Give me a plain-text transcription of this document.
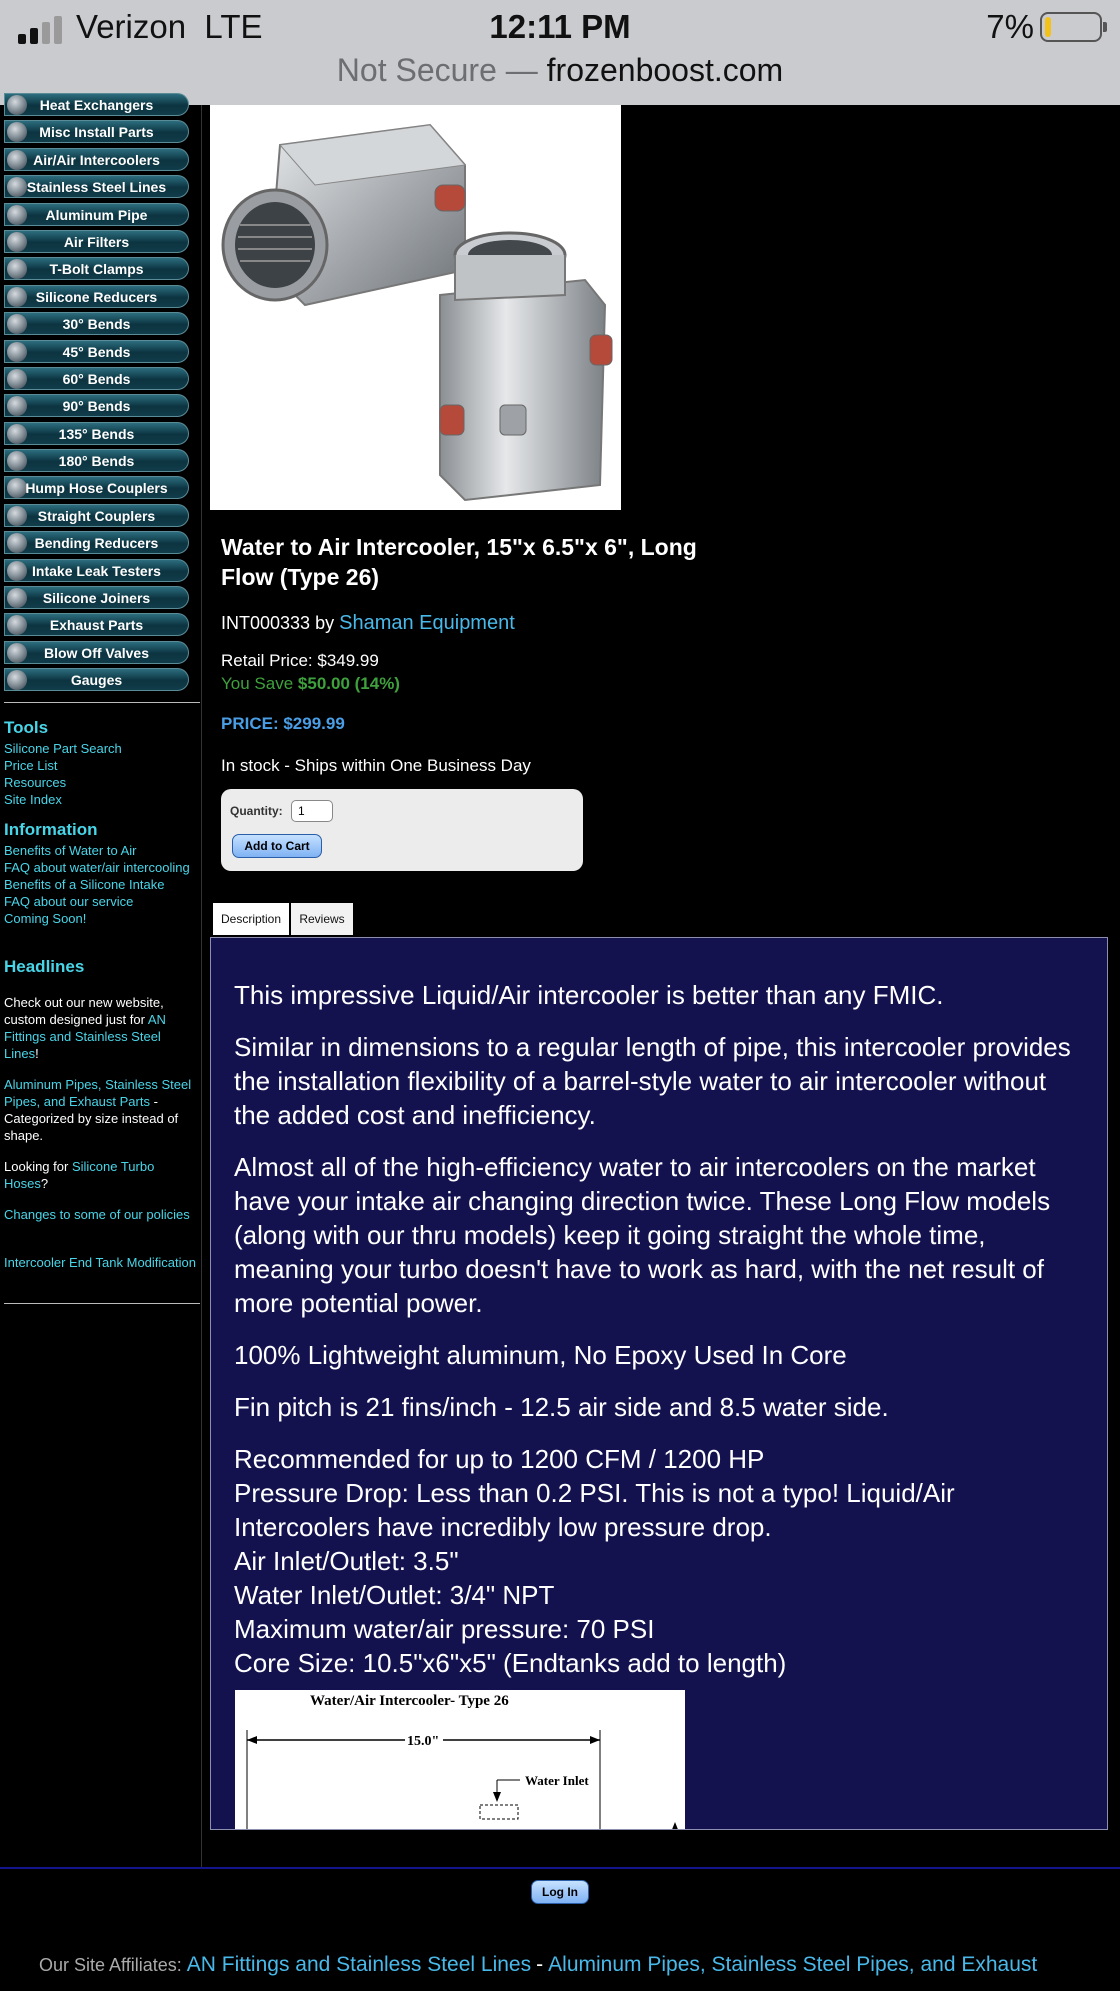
Verizon LTE	12:11 PM	7%
Not Secure — frozenboost.com
Heat Exchangers
Misc Install Parts
Air/Air Intercoolers
Stainless Steel Lines
Aluminum Pipe
Air Filters
T-Bolt Clamps
Silicone Reducers
30° Bends
45° Bends
60° Bends
90° Bends
135° Bends
180° Bends
Hump Hose Couplers
Straight Couplers
Bending Reducers
Intake Leak Testers
Silicone Joiners
Exhaust Parts
Blow Off Valves
Gauges
Tools
Silicone Part Search
Price List
Resources
Site Index
Information
Benefits of Water to Air
FAQ about water/air intercooling
Benefits of a Silicone Intake
FAQ about our service
Coming Soon!
Headlines
Check out our new website, custom designed just for AN Fittings and Stainless Steel Lines!
Aluminum Pipes, Stainless Steel Pipes, and Exhaust Parts - Categorized by size instead of shape.
Looking for Silicone Turbo Hoses?
Changes to some of our policies
Intercooler End Tank Modification
Water to Air Intercooler, 15"x 6.5"x 6", Long Flow (Type 26)
INT000333 by Shaman Equipment
Retail Price: $349.99
You Save $50.00 (14%)
PRICE: $299.99
In stock - Ships within One Business Day
Quantity:
1
Add to Cart
Description	Reviews

This impressive Liquid/Air intercooler is better than any FMIC.

Similar in dimensions to a regular length of pipe, this intercooler provides the installation flexibility of a barrel-style water to air intercooler without the added cost and inefficiency.

Almost all of the high-efficiency water to air intercoolers on the market have your intake air changing direction twice. These Long Flow models (along with our thru models) keep it going straight the whole time, meaning your turbo doesn't have to work as hard, with the net result of more potential power.

100% Lightweight aluminum, No Epoxy Used In Core

Fin pitch is 21 fins/inch - 12.5 air side and 8.5 water side.

Recommended for up to 1200 CFM / 1200 HP
Pressure Drop: Less than 0.2 PSI. This is not a typo! Liquid/Air Intercoolers have incredibly low pressure drop.
Air Inlet/Outlet: 3.5"
Water Inlet/Outlet: 3/4" NPT
Maximum water/air pressure: 70 PSI
Core Size: 10.5"x6"x5" (Endtanks add to length)
Water/Air Intercooler- Type 26
15.0"
Water Inlet
Log In
Our Site Affiliates: AN Fittings and Stainless Steel Lines - Aluminum Pipes, Stainless Steel Pipes, and Exhaust
